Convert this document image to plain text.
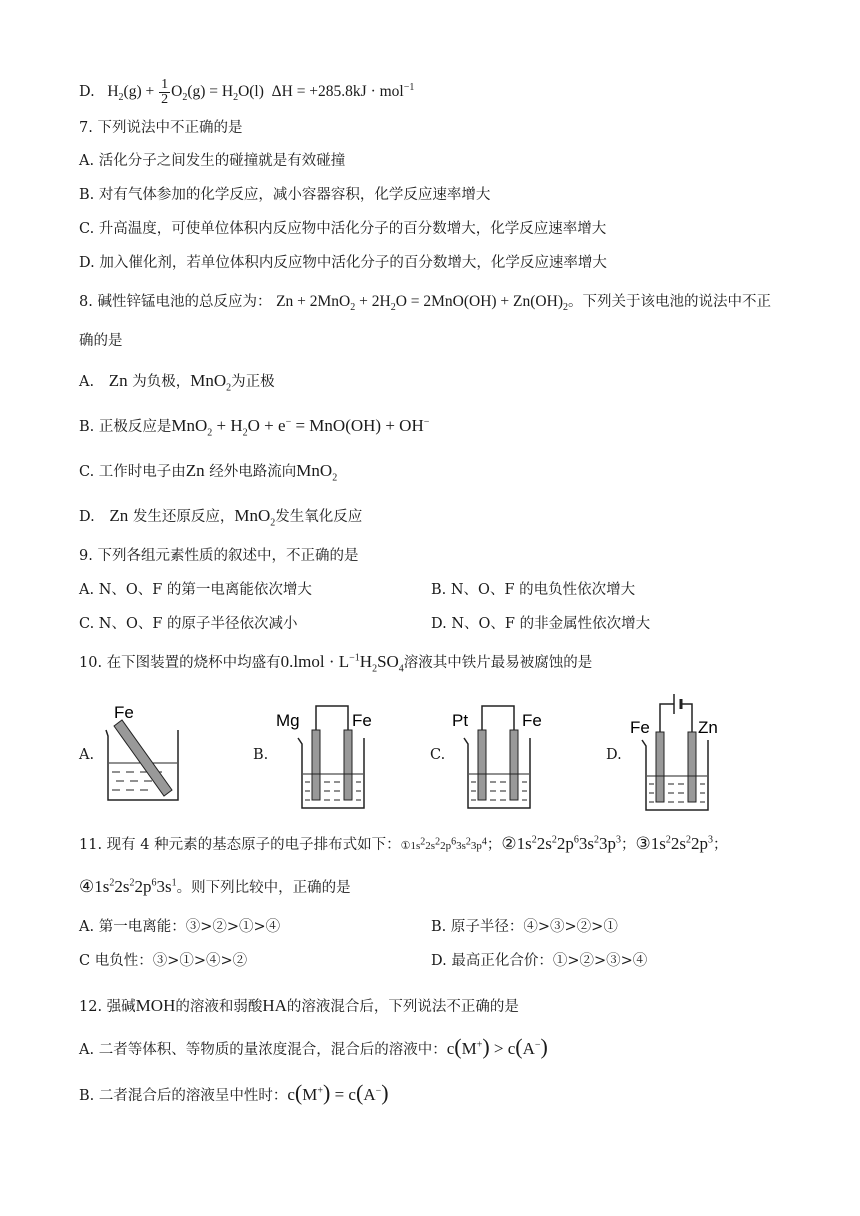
D. $H_2(g) + \frac{1}{2} O_2(g) = H_2O(l) \Delta H = +285.8kJ \cdot mol^{-1}$
7. 下列说法中不正确的是
A. 活化分子之间发生的碰撞就是有效碰撞
B. 对有气体参加的化学反应，减小容器容积，化学反应速率增大
C. 升高温度，可使单位体积内反应物中活化分子的百分数增大，化学反应速率增大
D. 加入催化剂，若单位体积内反应物中活化分子的百分数增大，化学反应速率增大
8. 碱性锌锰电池的总反应为： $Zn + 2MnO_2 + 2H_2O = 2MnO(OH) + Zn(OH)_2$。下列关于该电池的说法中不正
确的是
A. Zn 为负极，MnO$_2$为正极
B. 正极反应是$MnO_2 + H_2O + e^- = MnO(OH) + OH^-$
C. 工作时电子由Zn 经外电路流向MnO$_2$
D. Zn 发生还原反应，MnO$_2$发生氧化反应
9. 下列各组元素性质的叙述中，不正确的是
A. N、O、F 的第一电离能依次增大	B. N、O、F 的电负性依次增大
C. N、O、F 的原子半径依次减小	D. N、O、F 的非金属性依次增大
10. 在下图装置的烧杯中均盛有0.lmol · $L^{-1}H_2SO_4$溶液其中铁片最易被腐蚀的是
A.
Fe
B.
Mg	Fe
C.
Pt	Fe
D.
Fe	Zn
11. 现有 4 种元素的基态原子的电子排布式如下：$①1s^22s^22p^63s^23p^4$；$②1s^22s^22p^63s^23p^3$；$③1s^22s^22p^3$；
$④1s^22s^22p^63s^1$。则下列比较中，正确的是
A. 第一电离能：③>②>①>④	B. 原子半径：④>③>②>①
C 电负性：③>①>④>②	D. 最高正化合价：①>②>③>④
12. 强碱MOH的溶液和弱酸HA的溶液混合后，下列说法不正确的是
A. 二者等体积、等物质的量浓度混合，混合后的溶液中：c(M+) > c(A−)
B. 二者混合后的溶液呈中性时：c(M+) = c(A−)
